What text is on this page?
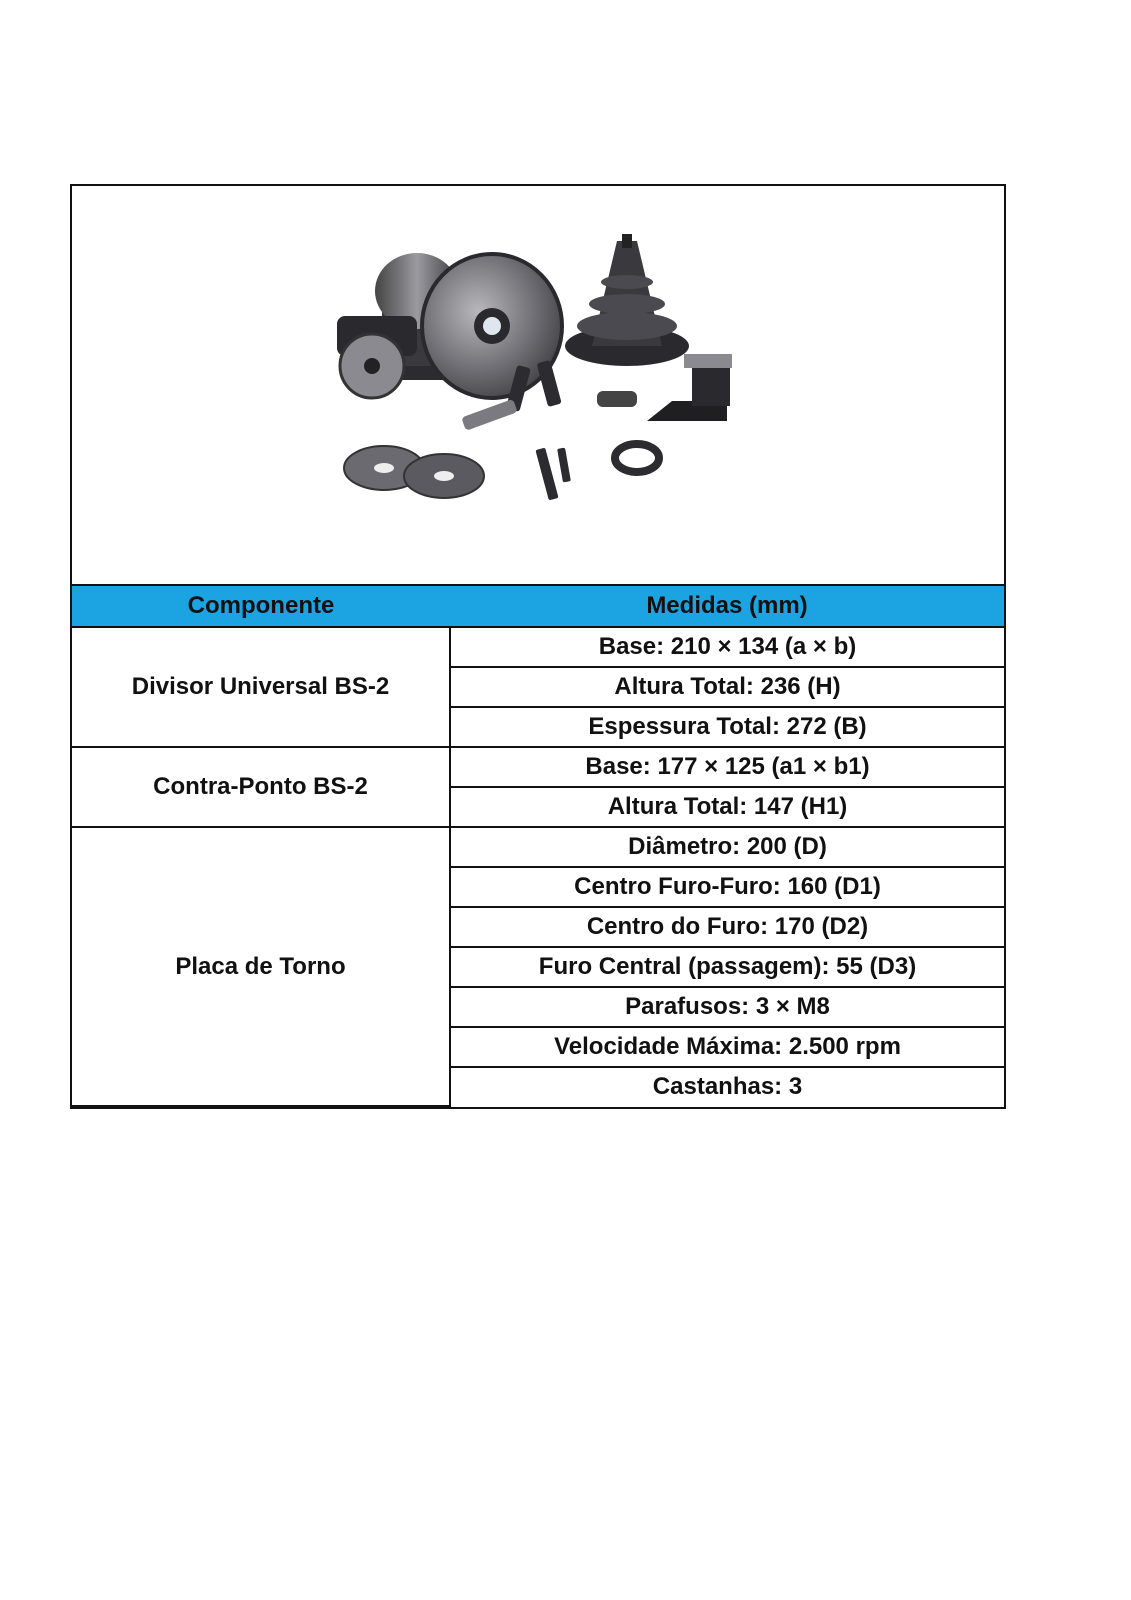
Componente	Medidas (mm)
Divisor Universal BS-2	Base: 210 × 134 (a × b)
	Altura Total: 236 (H)
	Espessura Total: 272 (B)
Contra-Ponto BS-2	Base: 177 × 125 (a1 × b1)
	Altura Total: 147 (H1)
Placa de Torno	Diâmetro: 200 (D)
	Centro Furo-Furo: 160 (D1)
	Centro do Furo: 170 (D2)
	Furo Central (passagem): 55 (D3)
	Parafusos: 3 × M8
	Velocidade Máxima: 2.500 rpm
	Castanhas: 3
